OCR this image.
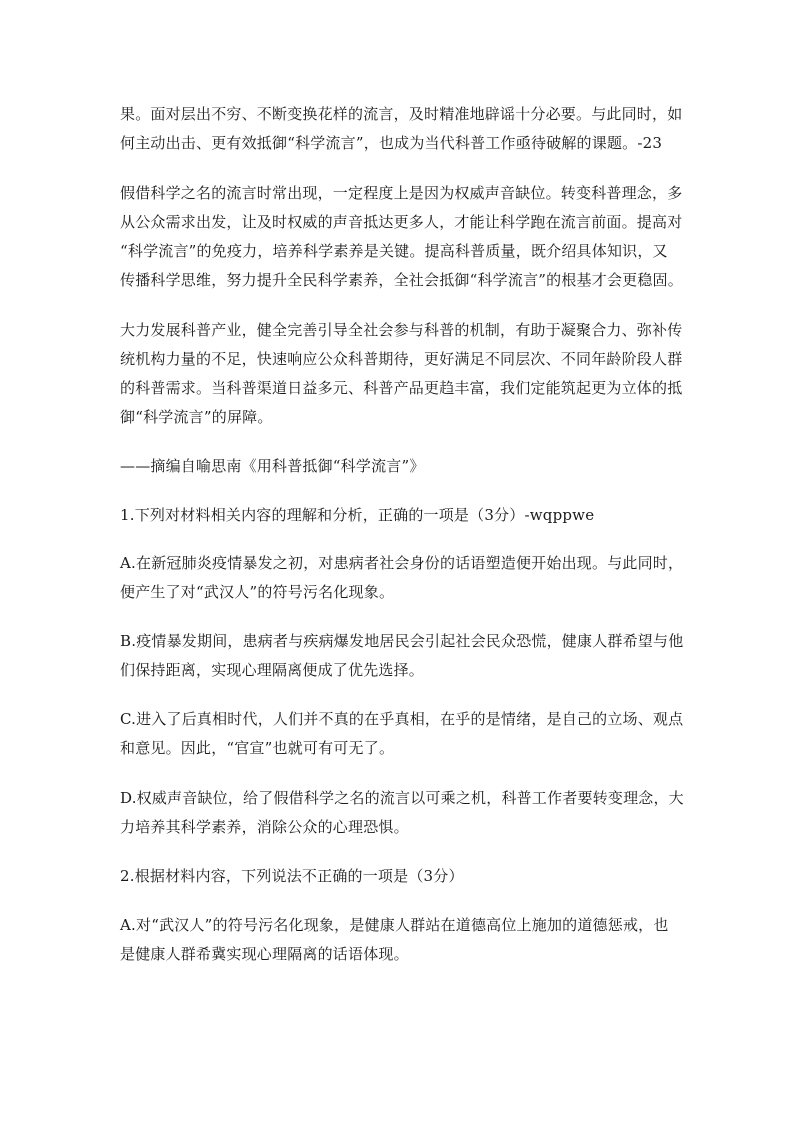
果。面对层出不穷、不断变换花样的流言，及时精准地辟谣十分必要。与此同时，如
何主动出击、更有效抵御“科学流言”，也成为当代科普工作亟待破解的课题。-23

假借科学之名的流言时常出现，一定程度上是因为权威声音缺位。转变科普理念，多
从公众需求出发，让及时权威的声音抵达更多人，才能让科学跑在流言前面。提高对
“科学流言”的免疫力，培养科学素养是关键。提高科普质量，既介绍具体知识，又
传播科学思维，努力提升全民科学素养，全社会抵御“科学流言”的根基才会更稳固。

大力发展科普产业，健全完善引导全社会参与科普的机制，有助于凝聚合力、弥补传
统机构力量的不足，快速响应公众科普期待，更好满足不同层次、不同年龄阶段人群
的科普需求。当科普渠道日益多元、科普产品更趋丰富，我们定能筑起更为立体的抵
御“科学流言”的屏障。

——摘编自喻思南《用科普抵御“科学流言”》

1.下列对材料相关内容的理解和分析，正确的一项是（3分）-wqppwe

A.在新冠肺炎疫情暴发之初，对患病者社会身份的话语塑造便开始出现。与此同时，
便产生了对“武汉人”的符号污名化现象。

B.疫情暴发期间，患病者与疾病爆发地居民会引起社会民众恐慌，健康人群希望与他
们保持距离，实现心理隔离便成了优先选择。

C.进入了后真相时代，人们并不真的在乎真相，在乎的是情绪，是自己的立场、观点
和意见。因此，“官宣”也就可有可无了。

D.权威声音缺位，给了假借科学之名的流言以可乘之机，科普工作者要转变理念，大
力培养其科学素养，消除公众的心理恐惧。

2.根据材料内容，下列说法不正确的一项是（3分）

A.对“武汉人”的符号污名化现象，是健康人群站在道德高位上施加的道德惩戒，也
是健康人群希冀实现心理隔离的话语体现。
